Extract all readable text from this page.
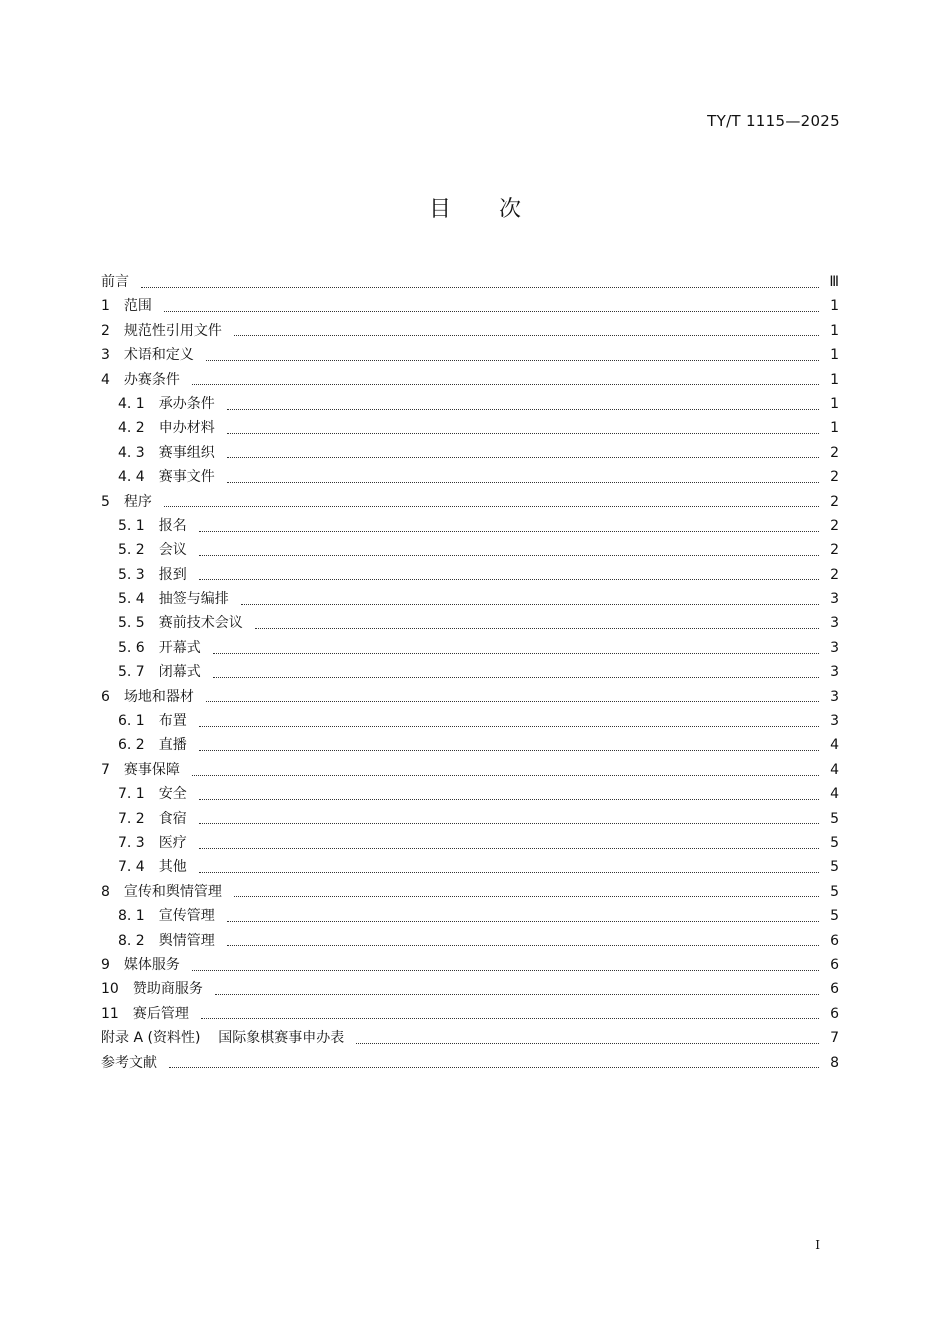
TY/T 1115—2025
目次
前言	Ⅲ
1 范围	1
2 规范性引用文件	1
3 术语和定义	1
4 办赛条件	1
4. 1 承办条件	1
4. 2 申办材料	1
4. 3 赛事组织	2
4. 4 赛事文件	2
5 程序	2
5. 1 报名	2
5. 2 会议	2
5. 3 报到	2
5. 4 抽签与编排	3
5. 5 赛前技术会议	3
5. 6 开幕式	3
5. 7 闭幕式	3
6 场地和器材	3
6. 1 布置	3
6. 2 直播	4
7 赛事保障	4
7. 1 安全	4
7. 2 食宿	5
7. 3 医疗	5
7. 4 其他	5
8 宣传和舆情管理	5
8. 1 宣传管理	5
8. 2 舆情管理	6
9 媒体服务	6
10 赞助商服务	6
11 赛后管理	6
附录 A (资料性)    国际象棋赛事申办表	7
参考文献	8
I
